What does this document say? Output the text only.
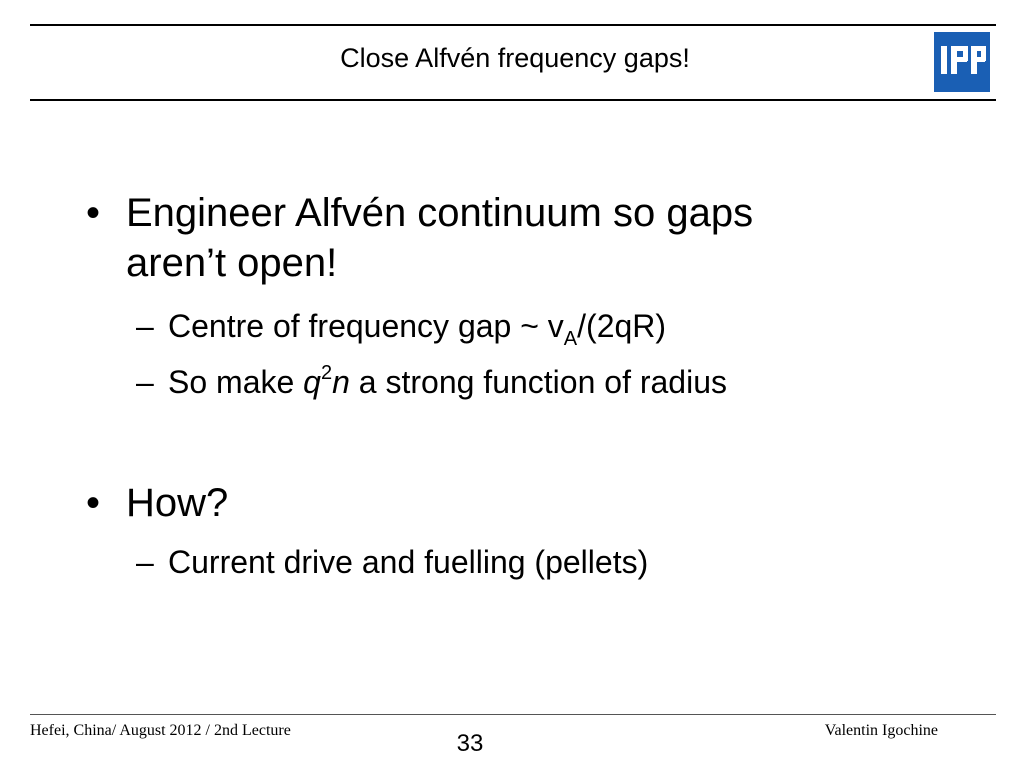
Close Alfvén frequency gaps!
• Engineer Alfvén continuum so gaps
aren’t open!
– Centre of frequency gap ~ $v_A/(2qR)$
– So make $q^2n$ a strong function of radius
• How?
– Current drive and fuelling (pellets)
Hefei, China/ August 2012 / 2nd Lecture	33	Valentin Igochine
